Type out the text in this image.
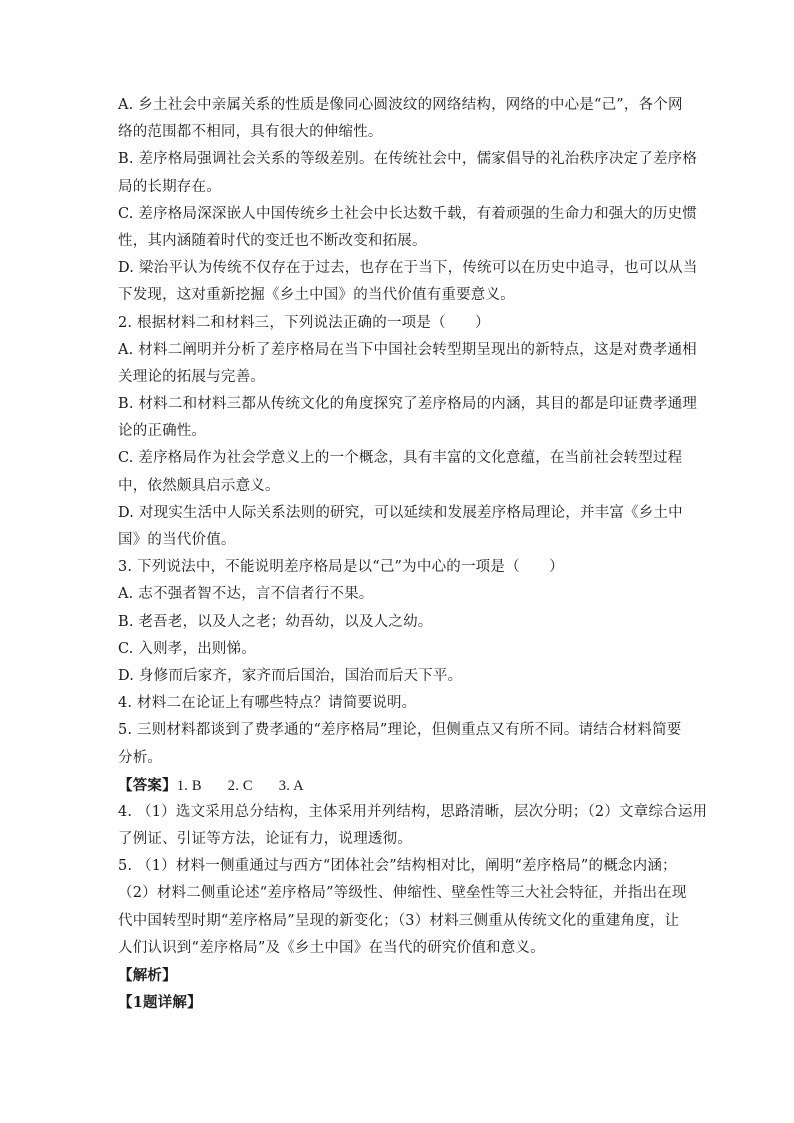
A. 乡土社会中亲属关系的性质是像同心圆波纹的网络结构，网络的中心是“己”，各个网
络的范围都不相同，具有很大的伸缩性。
B. 差序格局强调社会关系的等级差别。在传统社会中，儒家倡导的礼治秩序决定了差序格
局的长期存在。
C. 差序格局深深嵌人中国传统乡土社会中长达数千载，有着顽强的生命力和强大的历史惯
性，其内涵随着时代的变迁也不断改变和拓展。
D. 梁治平认为传统不仅存在于过去，也存在于当下，传统可以在历史中追寻，也可以从当
下发现，这对重新挖掘《乡土中国》的当代价值有重要意义。
2. 根据材料二和材料三，下列说法正确的一项是（　　）
A. 材料二阐明并分析了差序格局在当下中国社会转型期呈现出的新特点，这是对费孝通相
关理论的拓展与完善。
B. 材料二和材料三都从传统文化的角度探究了差序格局的内涵，其目的都是印证费孝通理
论的正确性。
C. 差序格局作为社会学意义上的一个概念，具有丰富的文化意蕴，在当前社会转型过程
中，依然颇具启示意义。
D. 对现实生活中人际关系法则的研究，可以延续和发展差序格局理论，并丰富《乡土中
国》的当代价值。
3. 下列说法中，不能说明差序格局是以“己”为中心的一项是（　　）
A. 志不强者智不达，言不信者行不果。
B. 老吾老，以及人之老；幼吾幼，以及人之幼。
C. 入则孝，出则悌。
D. 身修而后家齐，家齐而后国治，国治而后天下平。
4. 材料二在论证上有哪些特点？请简要说明。
5. 三则材料都谈到了费孝通的“差序格局”理论，但侧重点又有所不同。请结合材料简要
分析。
【答案】1. B 2. C 3. A
4. （1）选文采用总分结构，主体采用并列结构，思路清晰，层次分明；（2）文章综合运用
了例证、引证等方法，论证有力，说理透彻。
5. （1）材料一侧重通过与西方“团体社会”结构相对比，阐明“差序格局”的概念内涵；
（2）材料二侧重论述“差序格局”等级性、伸缩性、壁垒性等三大社会特征，并指出在现
代中国转型时期“差序格局”呈现的新变化；（3）材料三侧重从传统文化的重建角度，让
人们认识到“差序格局”及《乡土中国》在当代的研究价值和意义。
【解析】
【1题详解】
